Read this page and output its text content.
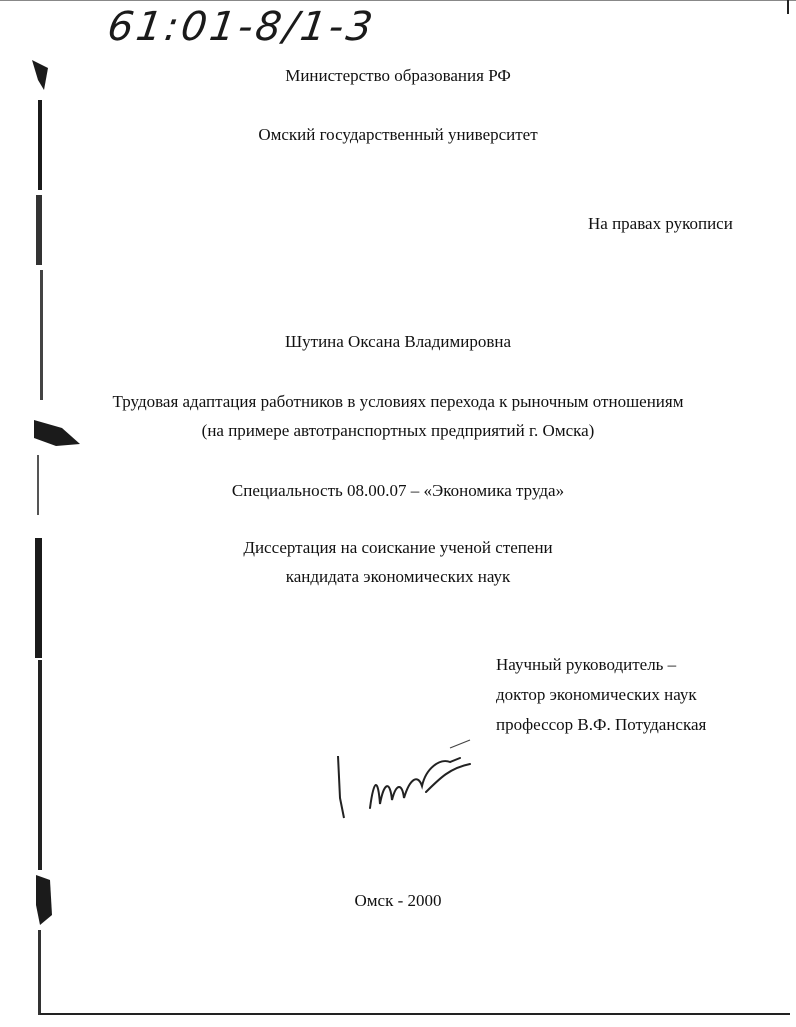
61:01-8/1-3
Министерство образования РФ
Омский государственный университет
На правах рукописи
Шутина Оксана Владимировна
Трудовая адаптация работников в условиях перехода к рыночным отношениям
(на примере автотранспортных предприятий г. Омска)
Специальность 08.00.07 – «Экономика труда»
Диссертация на соискание ученой степени
кандидата экономических наук
Научный руководитель –
доктор экономических наук
профессор В.Ф. Потуданская
Омск - 2000
